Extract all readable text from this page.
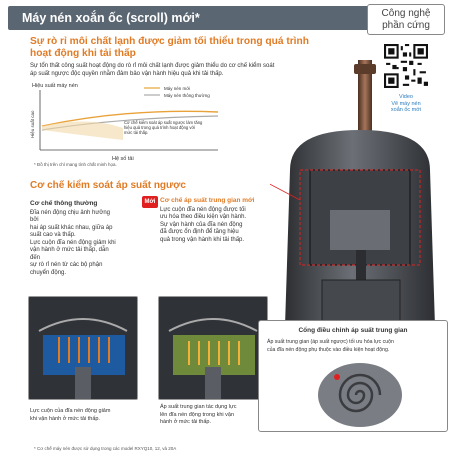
Máy nén xoắn ốc (scroll) mới*	Công nghệ
phần cứng
Sự rò rỉ môi chất lạnh được giảm tối thiểu trong quá trình
hoạt động khi tải thấp
Sự tổn thất công suất hoạt động do rò rỉ môi chất lạnh được giảm thiểu do cơ chế kiểm soát
áp suất ngược độc quyền nhằm đảm bảo vận hành hiệu quả khi tải thấp.
Hiệu suất máy nén
Hiệu suất cao
Hệ số tải
Máy nén mới
Máy nén thông thường
Cơ chế kiểm soát áp suất ngược làm tăng
hiệu quả trong quá trình hoạt động với
mức tải thấp.
* Đồ thị trên chỉ mang tính chất minh họa.
Video
Vẽ máy nén
xoắn ốc mới
Cơ chế kiểm soát áp suất ngược
Cơ chế thông thường
Đĩa nén động chịu ảnh hưởng bởi
hai áp suất khác nhau, giữa áp
suất cao và thấp.
Lực cuộn đĩa nén động giảm khi
vận hành ở mức tải thấp, dẫn đến
sự rò rỉ nén từ các bộ phận
chuyển động.
Mới Cơ chế áp suất trung gian mới
Lực cuộn đĩa nén động được tối
ưu hóa theo điều kiện vận hành.
Sự vận hành của đĩa nén động
đã được ổn định để tăng hiệu
quả trong vận hành khi tải thấp.
Lực cuộn của đĩa nén động giảm
khi vận hành ở mức tải thấp.
Áp suất trung gian tác dụng lực
lên đĩa nén động trong khi vận
hành ở mức tải thấp.
Cổng điều chỉnh áp suất trung gian
Áp suất trung gian (áp suất ngược) tối ưu hóa lực cuộn
của đĩa nén động phụ thuộc vào điều kiện hoạt động.
* Cơ chế máy nén được sử dụng trong các model RXYQ10, 12, và 20A
